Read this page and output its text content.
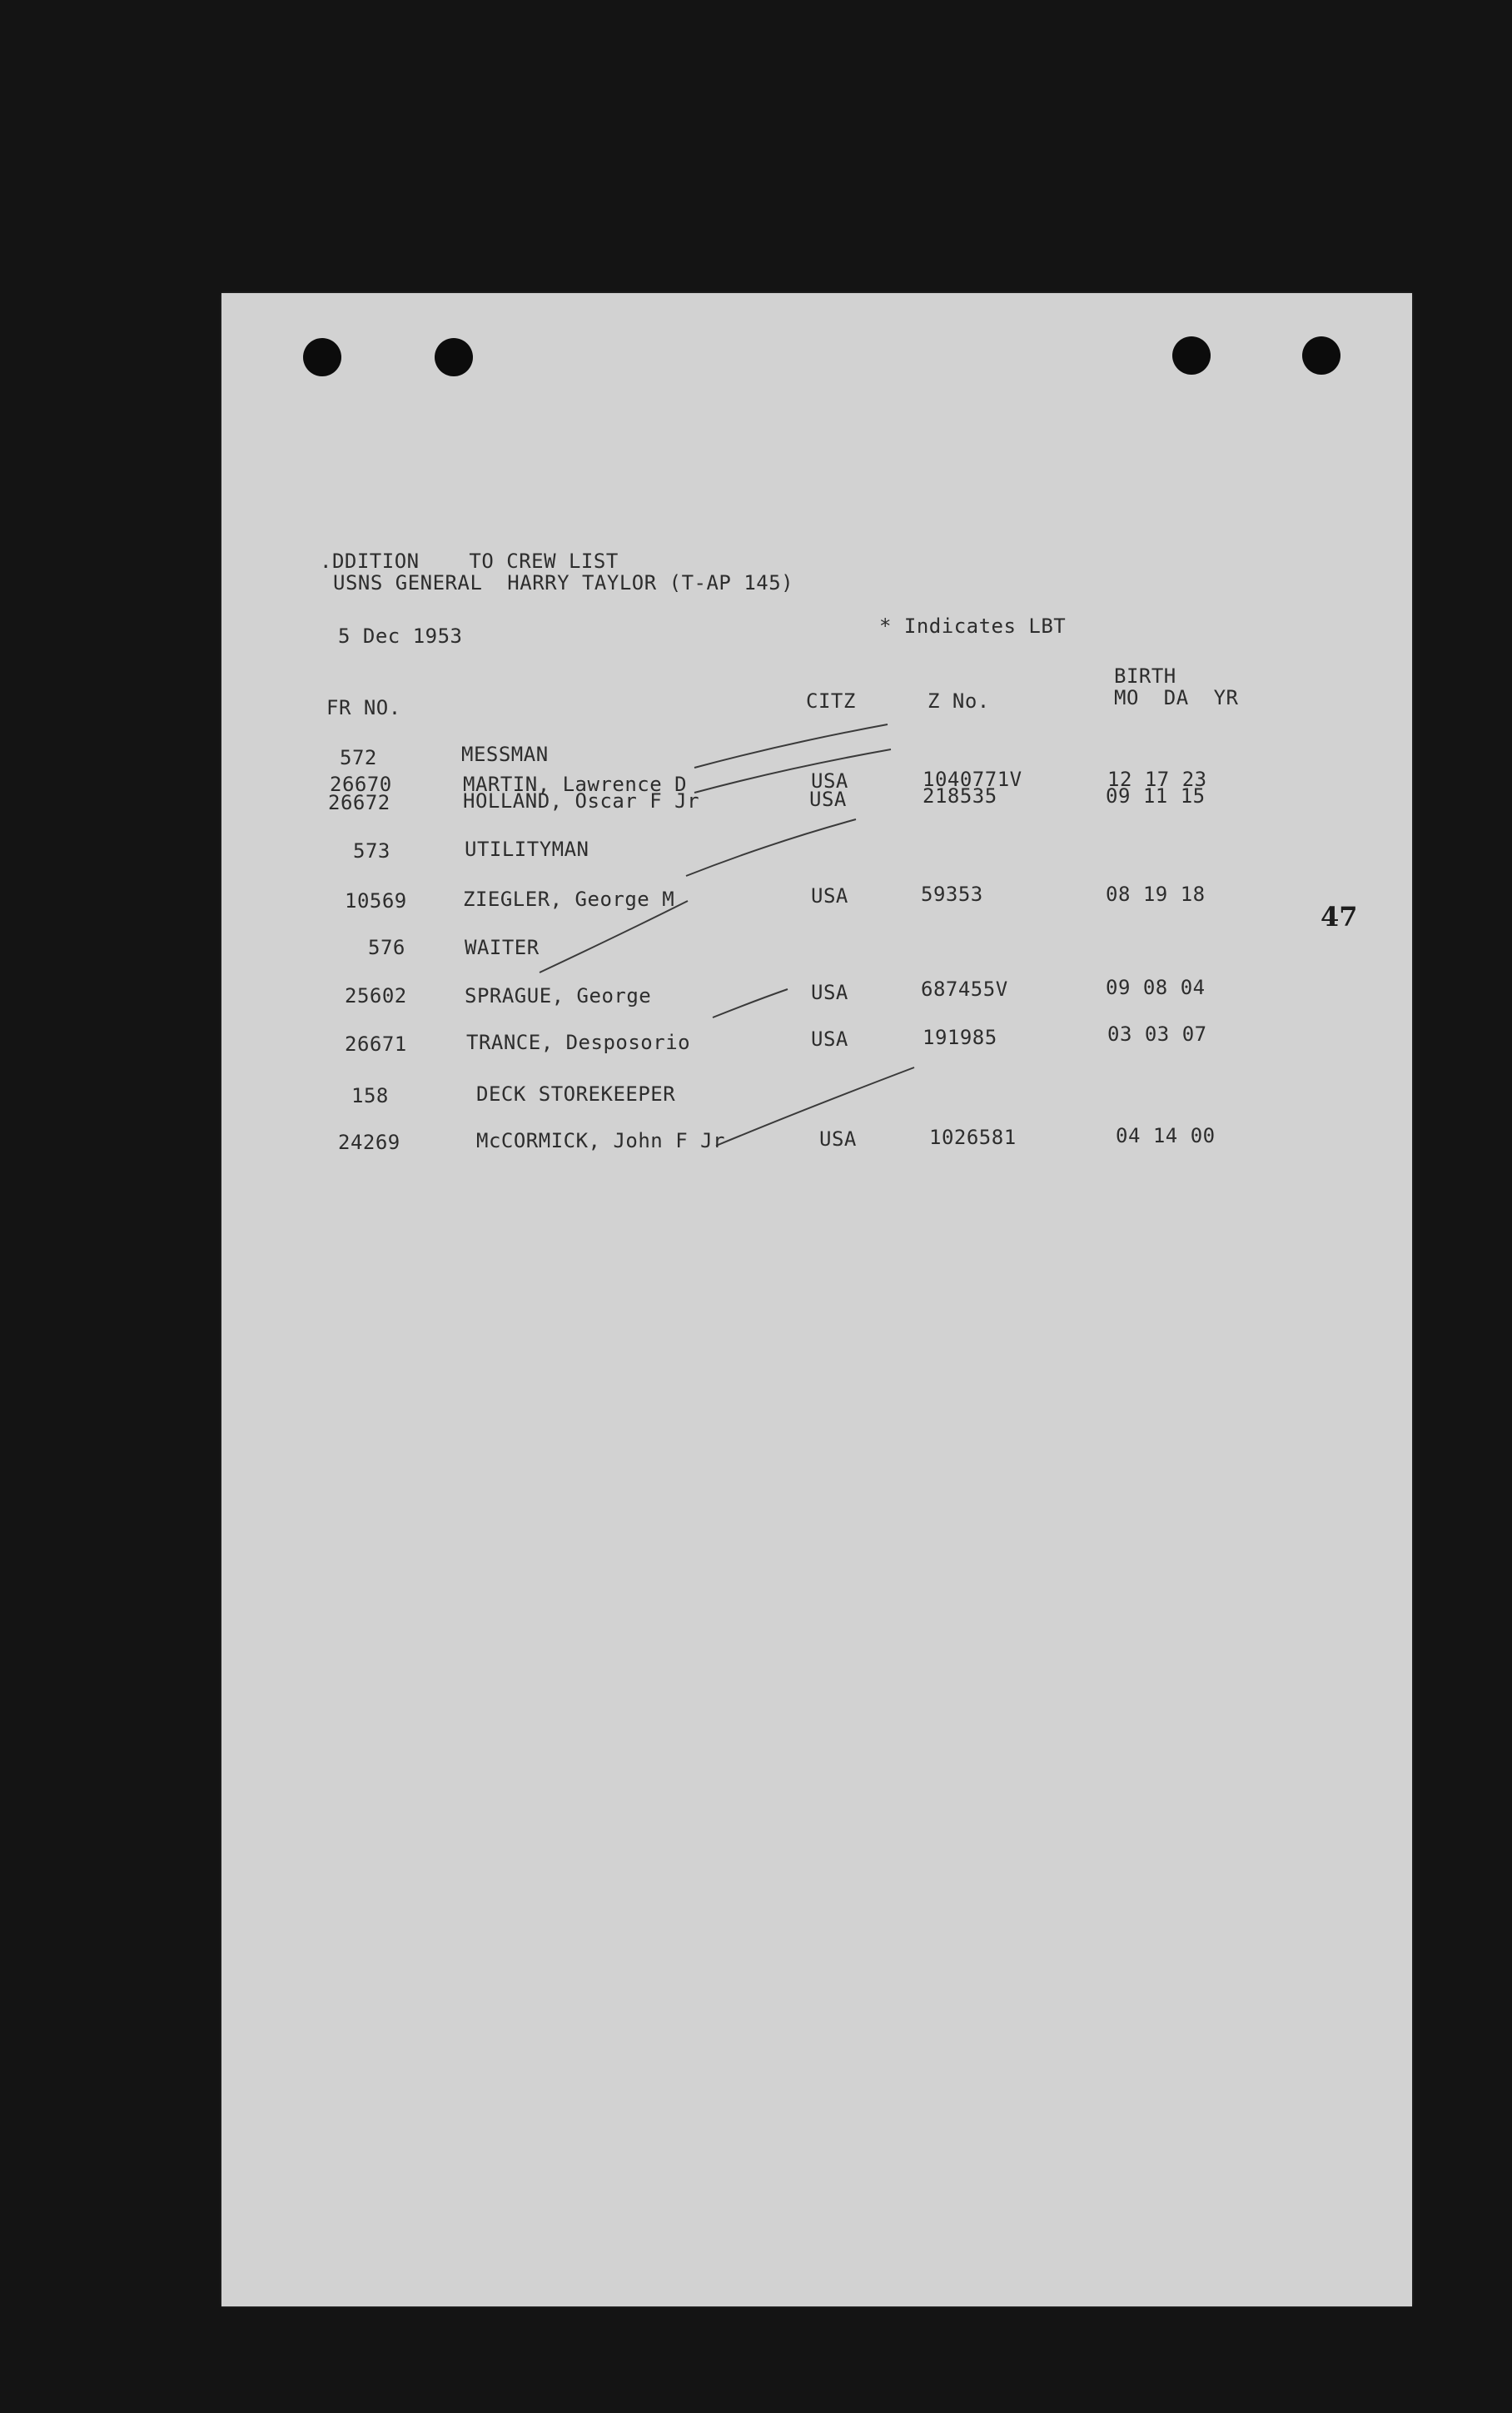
.DDITION    TO CREW LIST
USNS GENERAL  HARRY TAYLOR (T-AP 145)
5 Dec 1953	* Indicates LBT
FR NO.	CITZ	Z No.
BIRTH
MO  DA  YR
572	MESSMAN
26670	MARTIN, Lawrence D	USA	1040771V	12 17 23
26672	HOLLAND, Oscar F Jr	USA	218535	09 11 15
573	UTILITYMAN
10569	ZIEGLER, George M	USA	59353	08 19 18
576	WAITER
25602	SPRAGUE, George	USA	687455V	09 08 04
26671	TRANCE, Desposorio	USA	191985	03 03 07
158	DECK STOREKEEPER
24269	McCORMICK, John F Jr	USA	1026581	04 14 00
47
